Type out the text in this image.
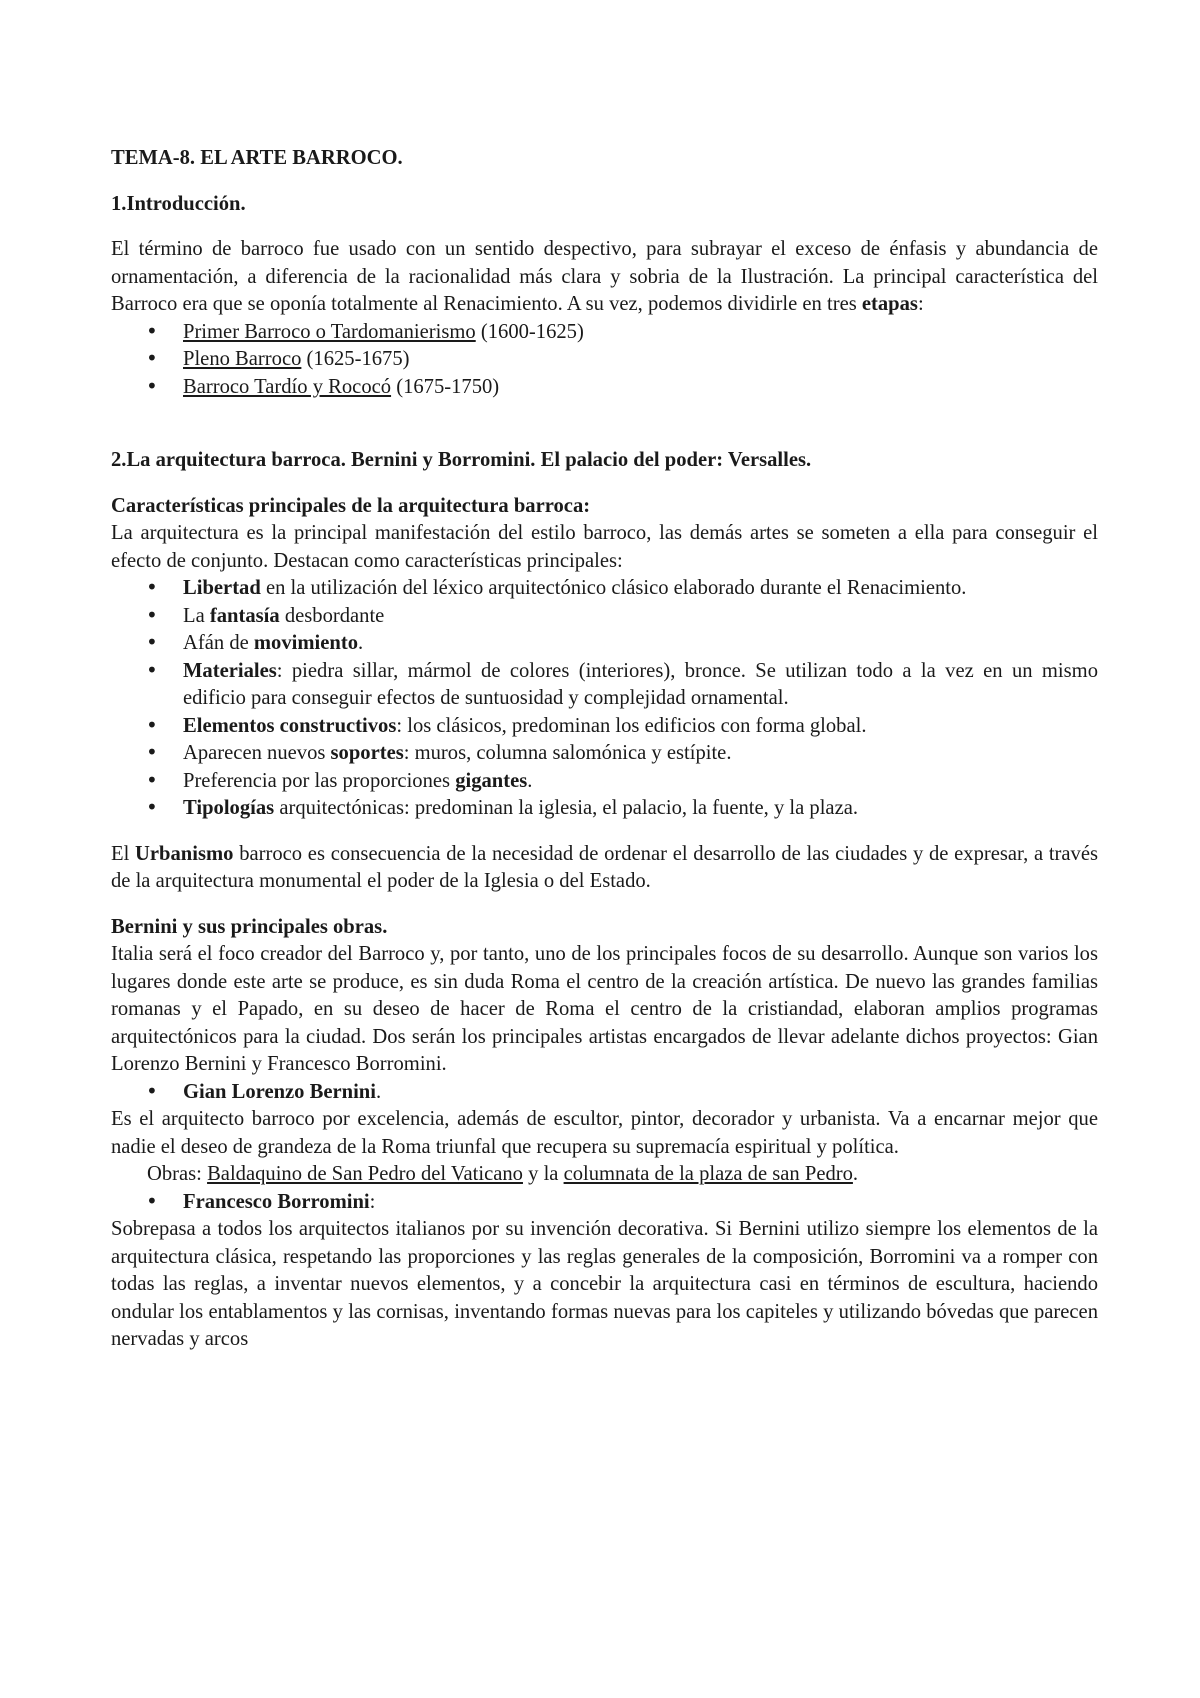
TEMA-8. EL ARTE BARROCO.

1.Introducción.

El término de barroco fue usado con un sentido despectivo, para subrayar el exceso de énfasis y abundancia de ornamentación, a diferencia de la racionalidad más clara y sobria de la Ilustración. La principal característica del Barroco era que se oponía totalmente al Renacimiento. A su vez, podemos dividirle en tres etapas:

• Primer Barroco o Tardomanierismo (1600-1625)
• Pleno Barroco (1625-1675)
• Barroco Tardío y Rococó (1675-1750)

2.La arquitectura barroca. Bernini y Borromini. El palacio del poder: Versalles.

Características principales de la arquitectura barroca:

La arquitectura es la principal manifestación del estilo barroco, las demás artes se someten a ella para conseguir el efecto de conjunto. Destacan como características principales:

• Libertad en la utilización del léxico arquitectónico clásico elaborado durante el Renacimiento.
• La fantasía desbordante
• Afán de movimiento.
• Materiales: piedra sillar, mármol de colores (interiores), bronce. Se utilizan todo a la vez en un mismo edificio para conseguir efectos de suntuosidad y complejidad ornamental.
• Elementos constructivos: los clásicos, predominan los edificios con forma global.
• Aparecen nuevos soportes: muros, columna salomónica y estípite.
• Preferencia por las proporciones gigantes.
• Tipologías arquitectónicas: predominan la iglesia, el palacio, la fuente, y la plaza.

El Urbanismo barroco es consecuencia de la necesidad de ordenar el desarrollo de las ciudades y de expresar, a través de la arquitectura monumental el poder de la Iglesia o del Estado.

Bernini y sus principales obras.

Italia será el foco creador del Barroco y, por tanto, uno de los principales focos de su desarrollo. Aunque son varios los lugares donde este arte se produce, es sin duda Roma el centro de la creación artística. De nuevo las grandes familias romanas y el Papado, en su deseo de hacer de Roma el centro de la cristiandad, elaboran amplios programas arquitectónicos para la ciudad. Dos serán los principales artistas encargados de llevar adelante dichos proyectos: Gian Lorenzo Bernini y Francesco Borromini.

• Gian Lorenzo Bernini.

Es el arquitecto barroco por excelencia, además de escultor, pintor, decorador y urbanista. Va a encarnar mejor que nadie el deseo de grandeza de la Roma triunfal que recupera su supremacía espiritual y política.

Obras: Baldaquino de San Pedro del Vaticano y la columnata de la plaza de san Pedro.

• Francesco Borromini:

Sobrepasa a todos los arquitectos italianos por su invención decorativa. Si Bernini utilizo siempre los elementos de la arquitectura clásica, respetando las proporciones y las reglas generales de la composición, Borromini va a romper con todas las reglas, a inventar nuevos elementos, y a concebir la arquitectura casi en términos de escultura, haciendo ondular los entablamentos y las cornisas, inventando formas nuevas para los capiteles y utilizando bóvedas que parecen nervadas y arcos
